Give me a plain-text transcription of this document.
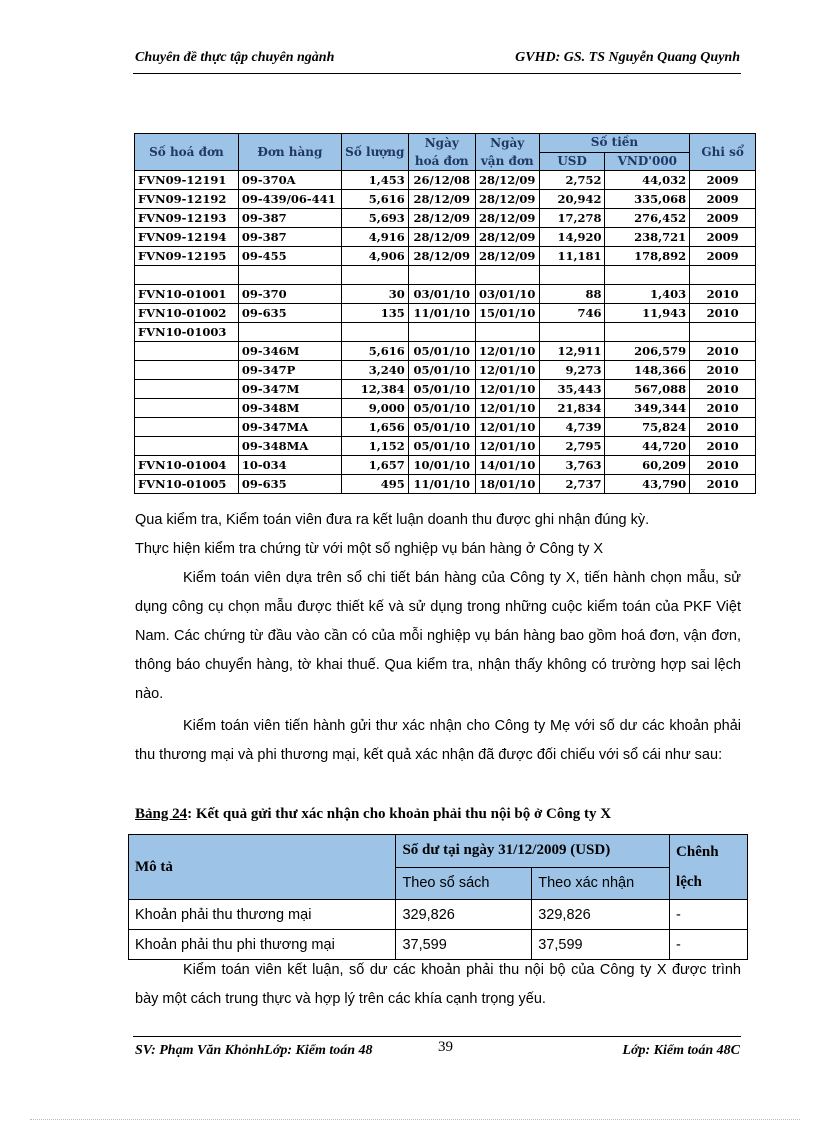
Chuyên đề thực tập chuyên ngành	GVHD: GS. TS Nguyễn Quang Quynh
Số hoá đơn	Đơn hàng	Số lượng	Ngày hoá đơn	Ngày vận đơn	Số tiền		Ghi sổ
					USD	VND'000	
FVN09-12191	09-370A	1,453	26/12/08	28/12/09	2,752	44,032	2009
FVN09-12192	09-439/06-441	5,616	28/12/09	28/12/09	20,942	335,068	2009
FVN09-12193	09-387	5,693	28/12/09	28/12/09	17,278	276,452	2009
FVN09-12194	09-387	4,916	28/12/09	28/12/09	14,920	238,721	2009
FVN09-12195	09-455	4,906	28/12/09	28/12/09	11,181	178,892	2009

FVN10-01001	09-370	30	03/01/10	03/01/10	88	1,403	2010
FVN10-01002	09-635	135	11/01/10	15/01/10	746	11,943	2010
FVN10-01003							
	09-346M	5,616	05/01/10	12/01/10	12,911	206,579	2010
	09-347P	3,240	05/01/10	12/01/10	9,273	148,366	2010
	09-347M	12,384	05/01/10	12/01/10	35,443	567,088	2010
	09-348M	9,000	05/01/10	12/01/10	21,834	349,344	2010
	09-347MA	1,656	05/01/10	12/01/10	4,739	75,824	2010
	09-348MA	1,152	05/01/10	12/01/10	2,795	44,720	2010
FVN10-01004	10-034	1,657	10/01/10	14/01/10	3,763	60,209	2010
FVN10-01005	09-635	495	11/01/10	18/01/10	2,737	43,790	2010
Qua kiểm tra, Kiểm toán viên đưa ra kết luận doanh thu được ghi nhận đúng kỳ.
Thực hiện kiểm tra chứng từ với một số nghiệp vụ bán hàng ở Công ty X
Kiểm toán viên dựa trên sổ chi tiết bán hàng của Công ty X, tiến hành chọn mẫu, sử dụng công cụ chọn mẫu được thiết kế và sử dụng trong những cuộc kiểm toán của PKF Việt Nam. Các chứng từ đầu vào cần có của mỗi nghiệp vụ bán hàng bao gồm hoá đơn, vận đơn, thông báo chuyển hàng, tờ khai thuế. Qua kiểm tra, nhận thấy không có trường hợp sai lệch nào.
Kiểm toán viên tiến hành gửi thư xác nhận cho Công ty Mẹ với số dư các khoản phải thu thương mại và phi thương mại, kết quả xác nhận đã được đối chiếu với sổ cái như sau:
Bảng 24: Kết quả gửi thư xác nhận cho khoản phải thu nội bộ ở Công ty X
Mô tả	Số dư tại ngày 31/12/2009 (USD)		Chênh lệch
	Theo sổ sách	Theo xác nhận	
Khoản phải thu thương mại	329,826	329,826	-
Khoản phải thu phi thương mại	37,599	37,599	-
Kiểm toán viên kết luận, số dư các khoản phải thu nội bộ của Công ty X được trình bày một cách trung thực và hợp lý trên các khía cạnh trọng yếu.
SV: Phạm Văn KhỏnhLớp: Kiểm toán 48	39	Lớp: Kiểm toán 48C
